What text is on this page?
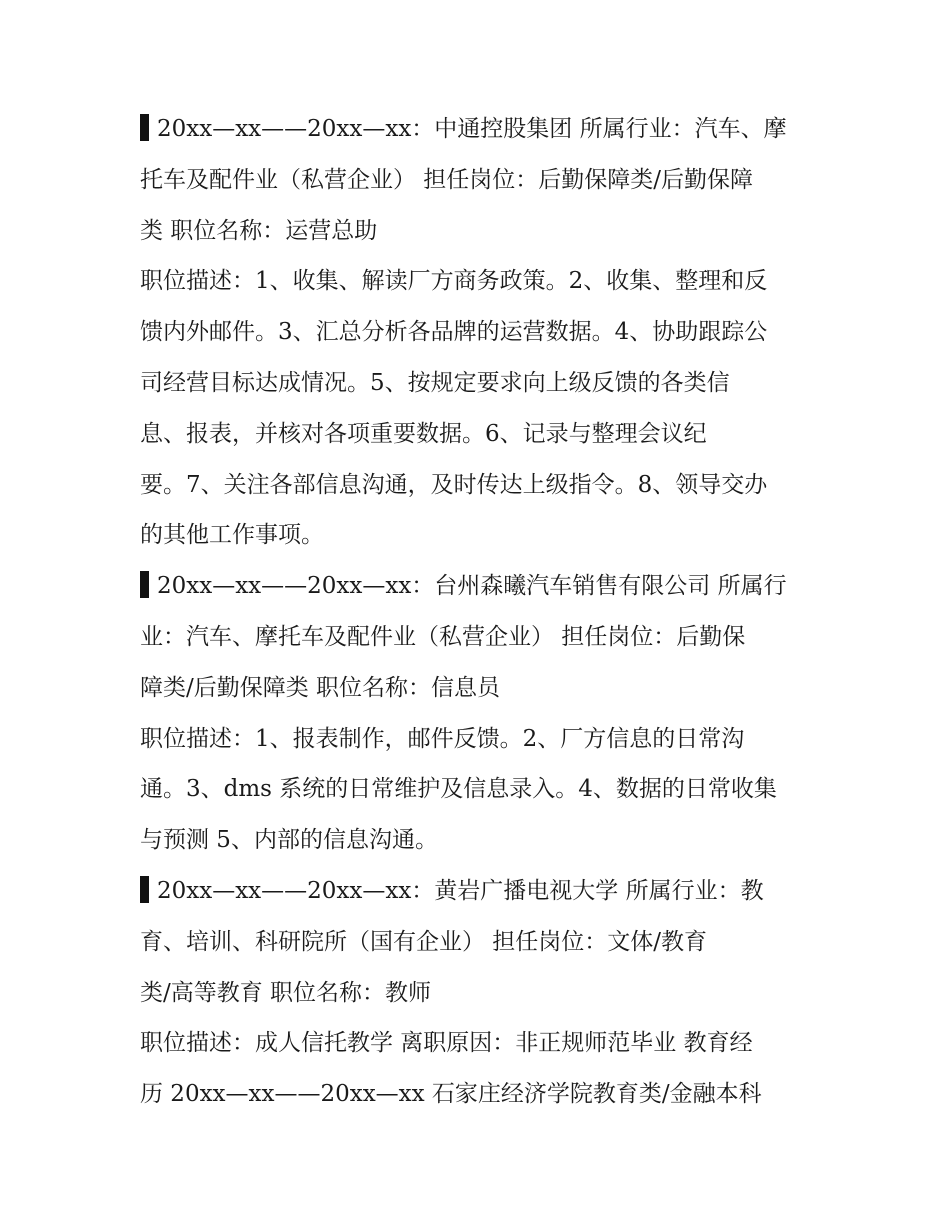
20xx—xx——20xx—xx：中通控股集团 所属行业：汽车、摩
托车及配件业（私营企业） 担任岗位：后勤保障类/后勤保障
类 职位名称：运营总助
职位描述：1、收集、解读厂方商务政策。2、收集、整理和反
馈内外邮件。3、汇总分析各品牌的运营数据。4、协助跟踪公
司经营目标达成情况。5、按规定要求向上级反馈的各类信
息、报表，并核对各项重要数据。6、记录与整理会议纪
要。7、关注各部信息沟通，及时传达上级指令。8、领导交办
的其他工作事项。
20xx—xx——20xx—xx：台州森曦汽车销售有限公司 所属行
业：汽车、摩托车及配件业（私营企业） 担任岗位：后勤保
障类/后勤保障类 职位名称：信息员
职位描述：1、报表制作，邮件反馈。2、厂方信息的日常沟
通。3、dms 系统的日常维护及信息录入。4、数据的日常收集
与预测 5、内部的信息沟通。
20xx—xx——20xx—xx：黄岩广播电视大学 所属行业：教
育、培训、科研院所（国有企业） 担任岗位：文体/教育
类/高等教育 职位名称：教师
职位描述：成人信托教学 离职原因：非正规师范毕业 教育经
历 20xx—xx——20xx—xx 石家庄经济学院教育类/金融本科
